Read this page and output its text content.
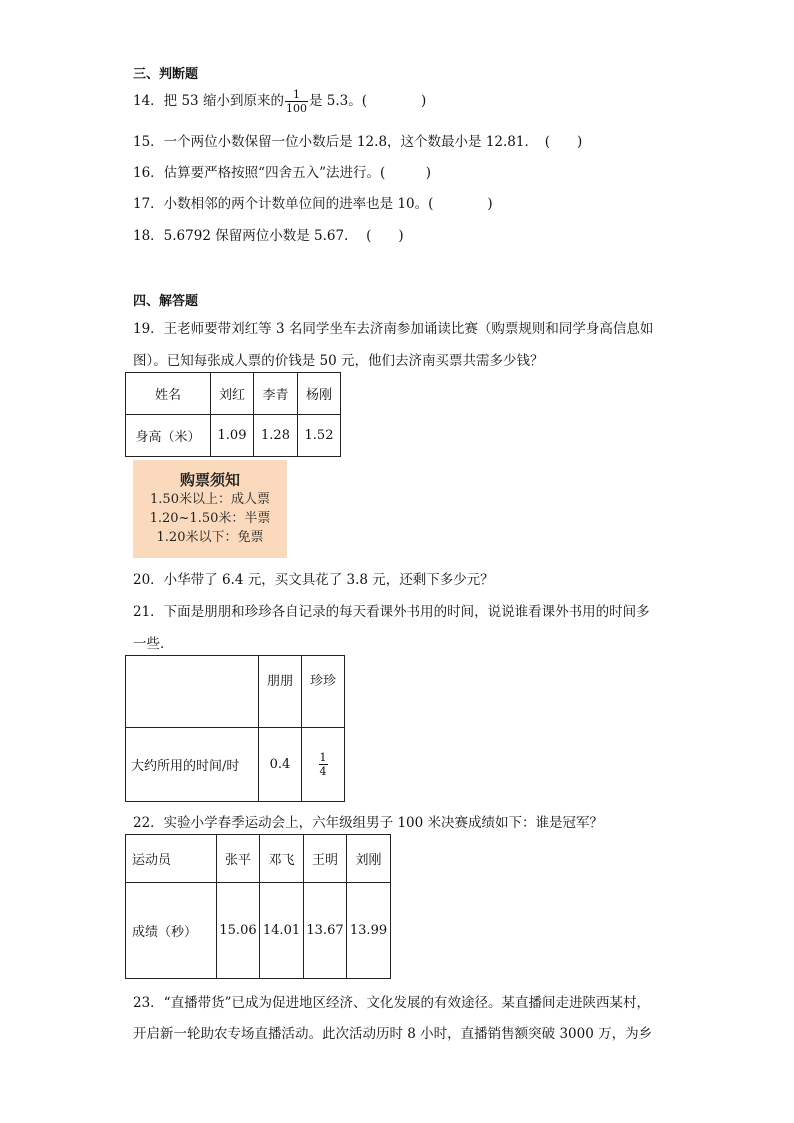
三、判断题
14．把 53 缩小到原来的 $\frac{1}{100}$ 是 5.3。(　　　　)
15．一个两位小数保留一位小数后是 12.8，这个数最小是 12.81．　(　　)
16．估算要严格按照“四舍五入”法进行。(　　　)
17．小数相邻的两个计数单位间的进率也是 10。(　　　　)
18．5.6792 保留两位小数是 5.67.　 (　　)
四、解答题
19．王老师要带刘红等 3 名同学坐车去济南参加诵读比赛（购票规则和同学身高信息如
图）。已知每张成人票的价钱是 50 元，他们去济南买票共需多少钱？
姓名	刘红	李青	杨刚
身高（米）	1.09	1.28	1.52
购票须知
1.50米以上：成人票
1.20~1.50米：半票
1.20米以下：免票
20．小华带了 6.4 元，买文具花了 3.8 元，还剩下多少元？
21．下面是朋朋和珍珍各自记录的每天看课外书用的时间，说说谁看课外书用的时间多
一些．
	朋朋	珍珍
大约所用的时间/时	0.4	$\frac{1}{4}$
22．实验小学春季运动会上，六年级组男子 100 米决赛成绩如下：谁是冠军？
运动员	张平	邓飞	王明	刘刚
成绩（秒）	15.06	14.01	13.67	13.99
23．“直播带货”已成为促进地区经济、文化发展的有效途径。某直播间走进陕西某村，
开启新一轮助农专场直播活动。此次活动历时 8 小时，直播销售额突破 3000 万，为乡
